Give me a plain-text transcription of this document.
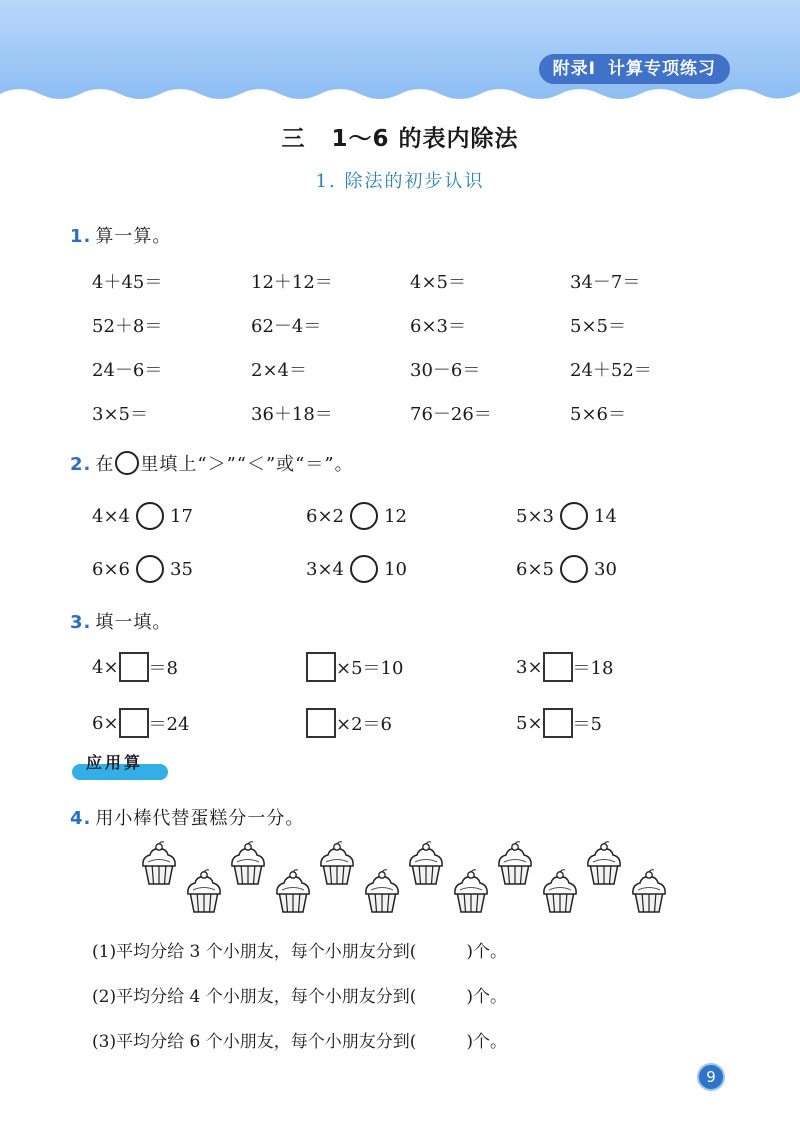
附录Ⅰ 计算专项练习
三 1～6 的表内除法
1. 除法的初步认识
1. 算一算。
4＋45＝	12＋12＝	4×5＝	34－7＝
52＋8＝	62－4＝	6×3＝	5×5＝
24－6＝	2×4＝	30－6＝	24＋52＝
3×5＝	36＋18＝	76－26＝	5×6＝
2. 在 里填上“＞”“＜”或“＝”。
4×4 17	6×2 12	5×3 14
6×6 35	3×4 10	6×5 30
3. 填一填。
4× ＝8	×5＝10	3× ＝18
6× ＝24	×2＝6	5× ＝5
应用算
4. 用小棒代替蛋糕分一分。
(1)平均分给 3 个小朋友，每个小朋友分到(	)个。
(2)平均分给 4 个小朋友，每个小朋友分到(	)个。
(3)平均分给 6 个小朋友，每个小朋友分到(	)个。
9
